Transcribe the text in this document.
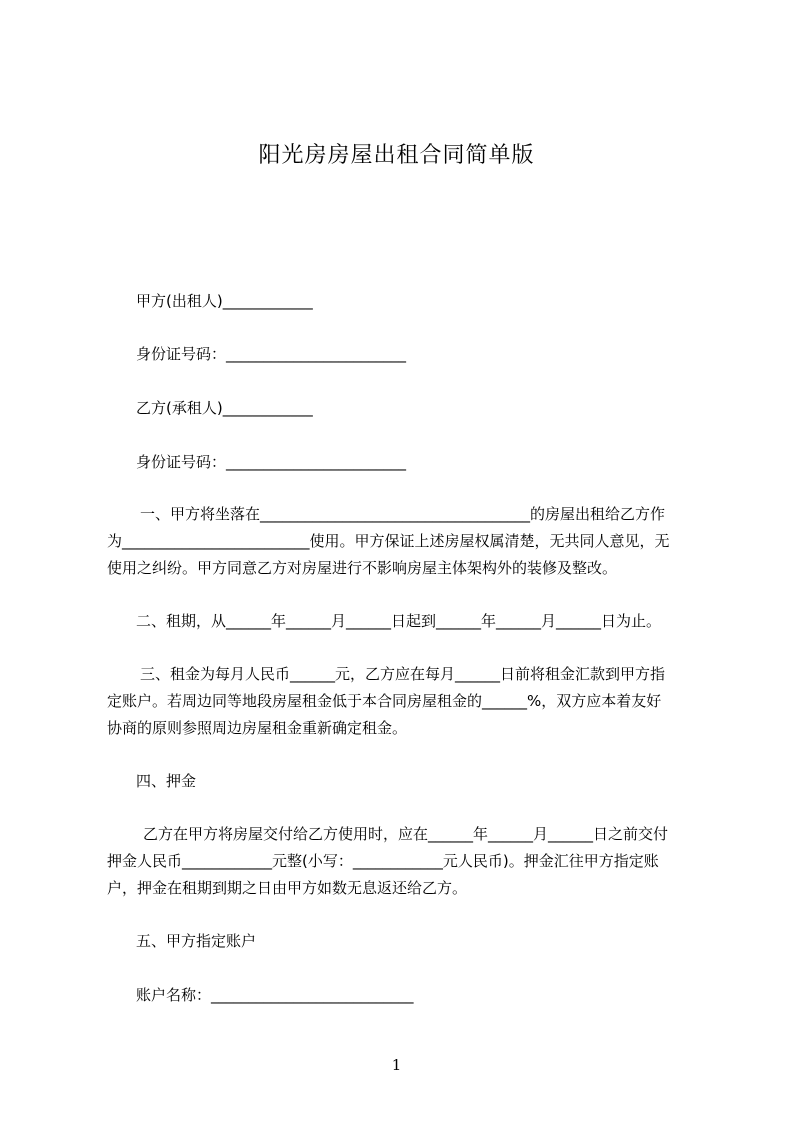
阳光房房屋出租合同简单版
甲方(出租人)____________
身份证号码：________________________
乙方(承租人)____________
身份证号码：________________________
一、甲方将坐落在____________________________________的房屋出租给乙方作
为_________________________使用。甲方保证上述房屋权属清楚，无共同人意见，无
使用之纠纷。甲方同意乙方对房屋进行不影响房屋主体架构外的装修及整改。
二、租期，从______年______月______日起到______年______月______日为止。
三、租金为每月人民币______元，乙方应在每月______日前将租金汇款到甲方指
定账户。若周边同等地段房屋租金低于本合同房屋租金的______%，双方应本着友好
协商的原则参照周边房屋租金重新确定租金。
四、押金
乙方在甲方将房屋交付给乙方使用时，应在______年______月______日之前交付
押金人民币____________元整(小写：____________元人民币)。押金汇往甲方指定账
户，押金在租期到期之日由甲方如数无息返还给乙方。
五、甲方指定账户
账户名称：___________________________
1
